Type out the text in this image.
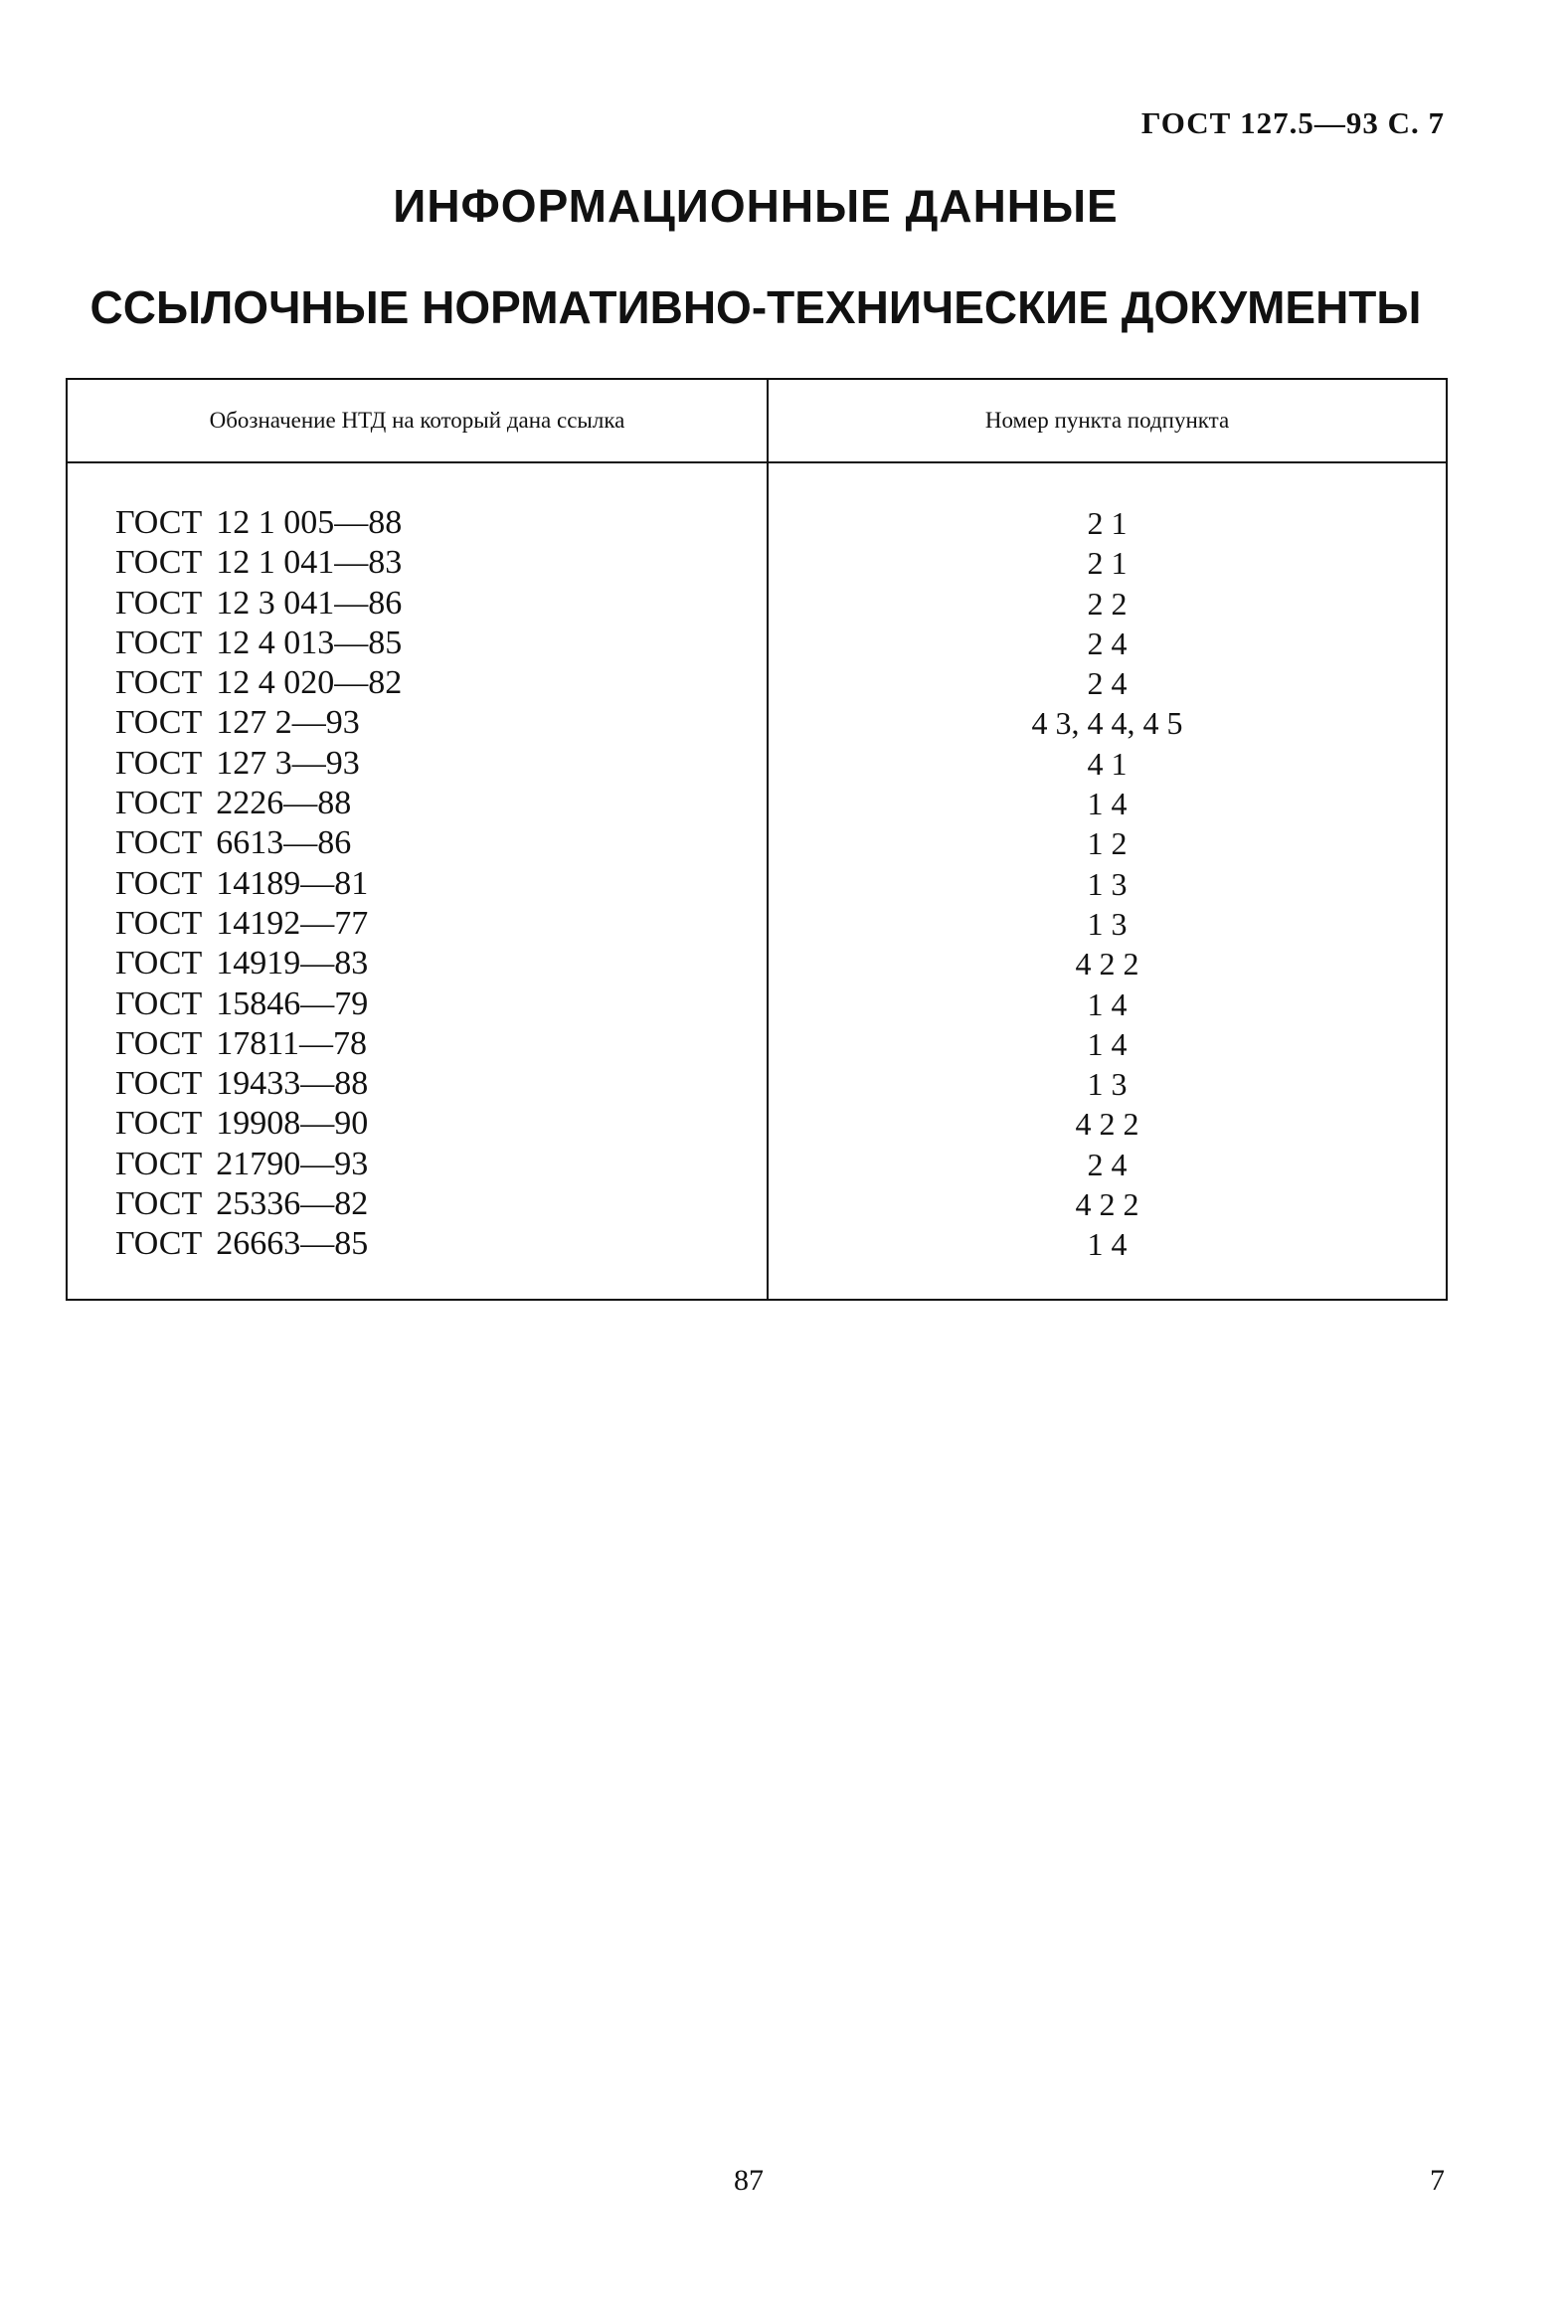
ГОСТ 127.5—93 С. 7
ИНФОРМАЦИОННЫЕ ДАННЫЕ
ССЫЛОЧНЫЕ НОРМАТИВНО-ТЕХНИЧЕСКИЕ ДОКУМЕНТЫ
Обозначение НТД на который дана ссылка	Номер пункта подпункта
ГОСТ 12 1 005—88	2 1
ГОСТ 12 1 041—83	2 1
ГОСТ 12 3 041—86	2 2
ГОСТ 12 4 013—85	2 4
ГОСТ 12 4 020—82	2 4
ГОСТ 127 2—93	4 3, 4 4, 4 5
ГОСТ 127 3—93	4 1
ГОСТ 2226—88	1 4
ГОСТ 6613—86	1 2
ГОСТ 14189—81	1 3
ГОСТ 14192—77	1 3
ГОСТ 14919—83	4 2 2
ГОСТ 15846—79	1 4
ГОСТ 17811—78	1 4
ГОСТ 19433—88	1 3
ГОСТ 19908—90	4 2 2
ГОСТ 21790—93	2 4
ГОСТ 25336—82	4 2 2
ГОСТ 26663—85	1 4
87	7
